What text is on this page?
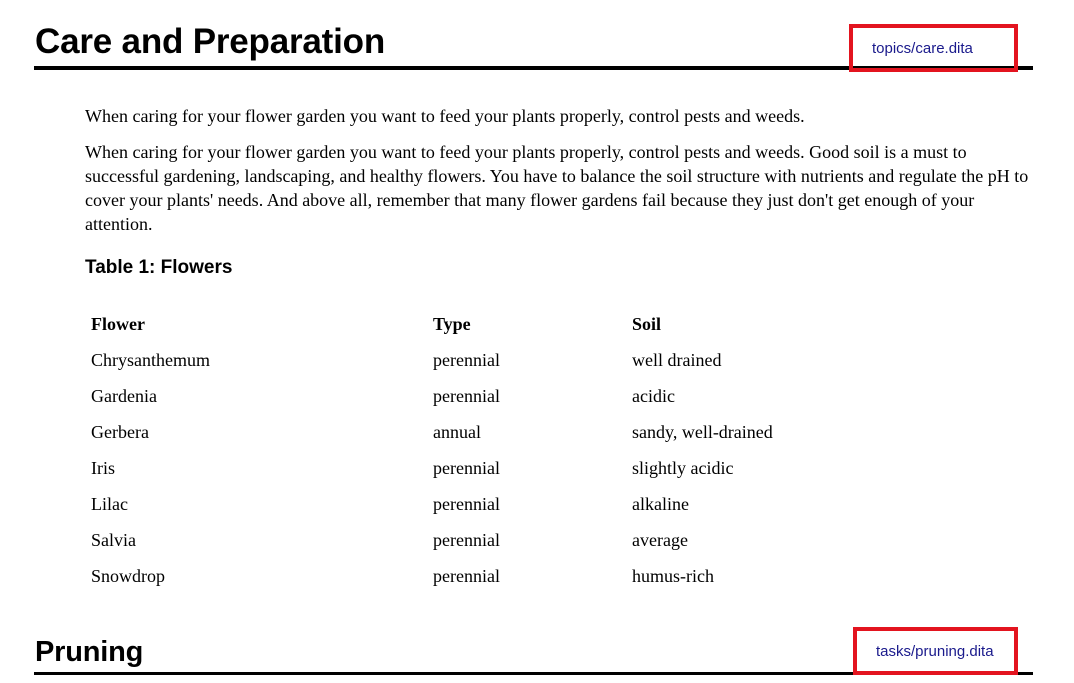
Care and Preparation	topics/care.dita

When caring for your flower garden you want to feed your plants properly, control pests and weeds.

When caring for your flower garden you want to feed your plants properly, control pests and weeds. Good soil is a must to successful gardening, landscaping, and healthy flowers. You have to balance the soil structure with nutrients and regulate the pH to cover your plants' needs. And above all, remember that many flower gardens fail because they just don't get enough of your attention.

Table 1: Flowers
Flower	Type	Soil
Chrysanthemum	perennial	well drained
Gardenia	perennial	acidic
Gerbera	annual	sandy, well-drained
Iris	perennial	slightly acidic
Lilac	perennial	alkaline
Salvia	perennial	average
Snowdrop	perennial	humus-rich
Pruning	tasks/pruning.dita
